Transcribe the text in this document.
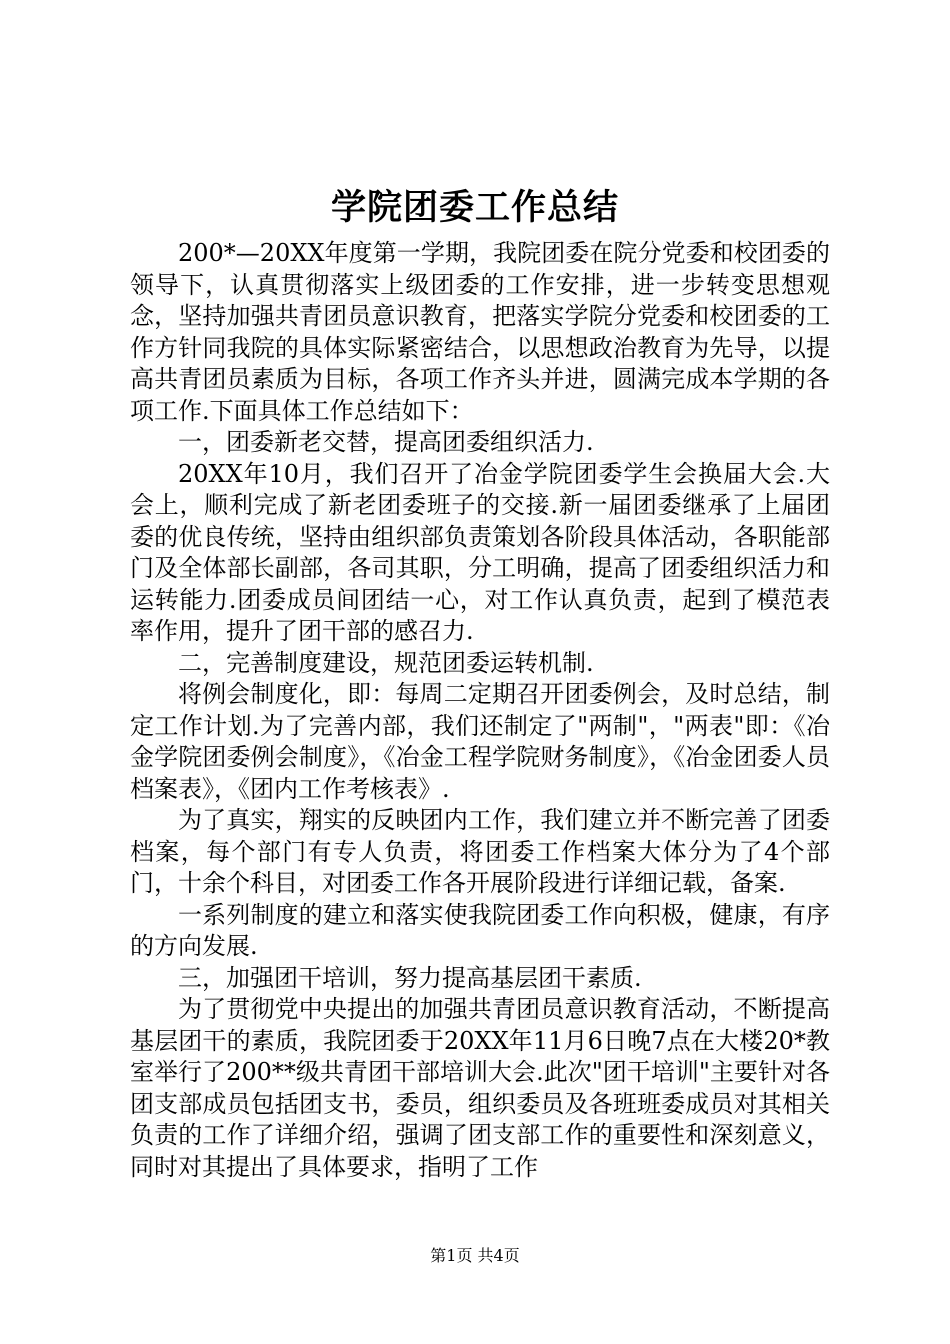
学院团委工作总结

200*—20XX年度第一学期，我院团委在院分党委和校团委的领导下，认真贯彻落实上级团委的工作安排，进一步转变思想观念，坚持加强共青团员意识教育，把落实学院分党委和校团委的工作方针同我院的具体实际紧密结合，以思想政治教育为先导，以提高共青团员素质为目标，各项工作齐头并进，圆满完成本学期的各项工作.下面具体工作总结如下：

一，团委新老交替，提高团委组织活力.

20XX年10月，我们召开了冶金学院团委学生会换届大会.大会上，顺利完成了新老团委班子的交接.新一届团委继承了上届团委的优良传统，坚持由组织部负责策划各阶段具体活动，各职能部门及全体部长副部，各司其职，分工明确，提高了团委组织活力和运转能力.团委成员间团结一心，对工作认真负责，起到了模范表率作用，提升了团干部的感召力.

二，完善制度建设，规范团委运转机制.

将例会制度化，即：每周二定期召开团委例会，及时总结，制定工作计划.为了完善内部，我们还制定了"两制"，"两表"即：《冶金学院团委例会制度》，《冶金工程学院财务制度》，《冶金团委人员档案表》，《团内工作考核表》.

为了真实，翔实的反映团内工作，我们建立并不断完善了团委档案，每个部门有专人负责，将团委工作档案大体分为了4个部门，十余个科目，对团委工作各开展阶段进行详细记载，备案.

一系列制度的建立和落实使我院团委工作向积极，健康，有序的方向发展.

三，加强团干培训，努力提高基层团干素质.

为了贯彻党中央提出的加强共青团员意识教育活动，不断提高基层团干的素质，我院团委于20XX年11月6日晚7点在大楼20*教室举行了200**级共青团干部培训大会.此次"团干培训"主要针对各团支部成员包括团支书，委员，组织委员及各班班委成员对其相关负责的工作了详细介绍，强调了团支部工作的重要性和深刻意义，同时对其提出了具体要求，指明了工作

第1页 共4页
